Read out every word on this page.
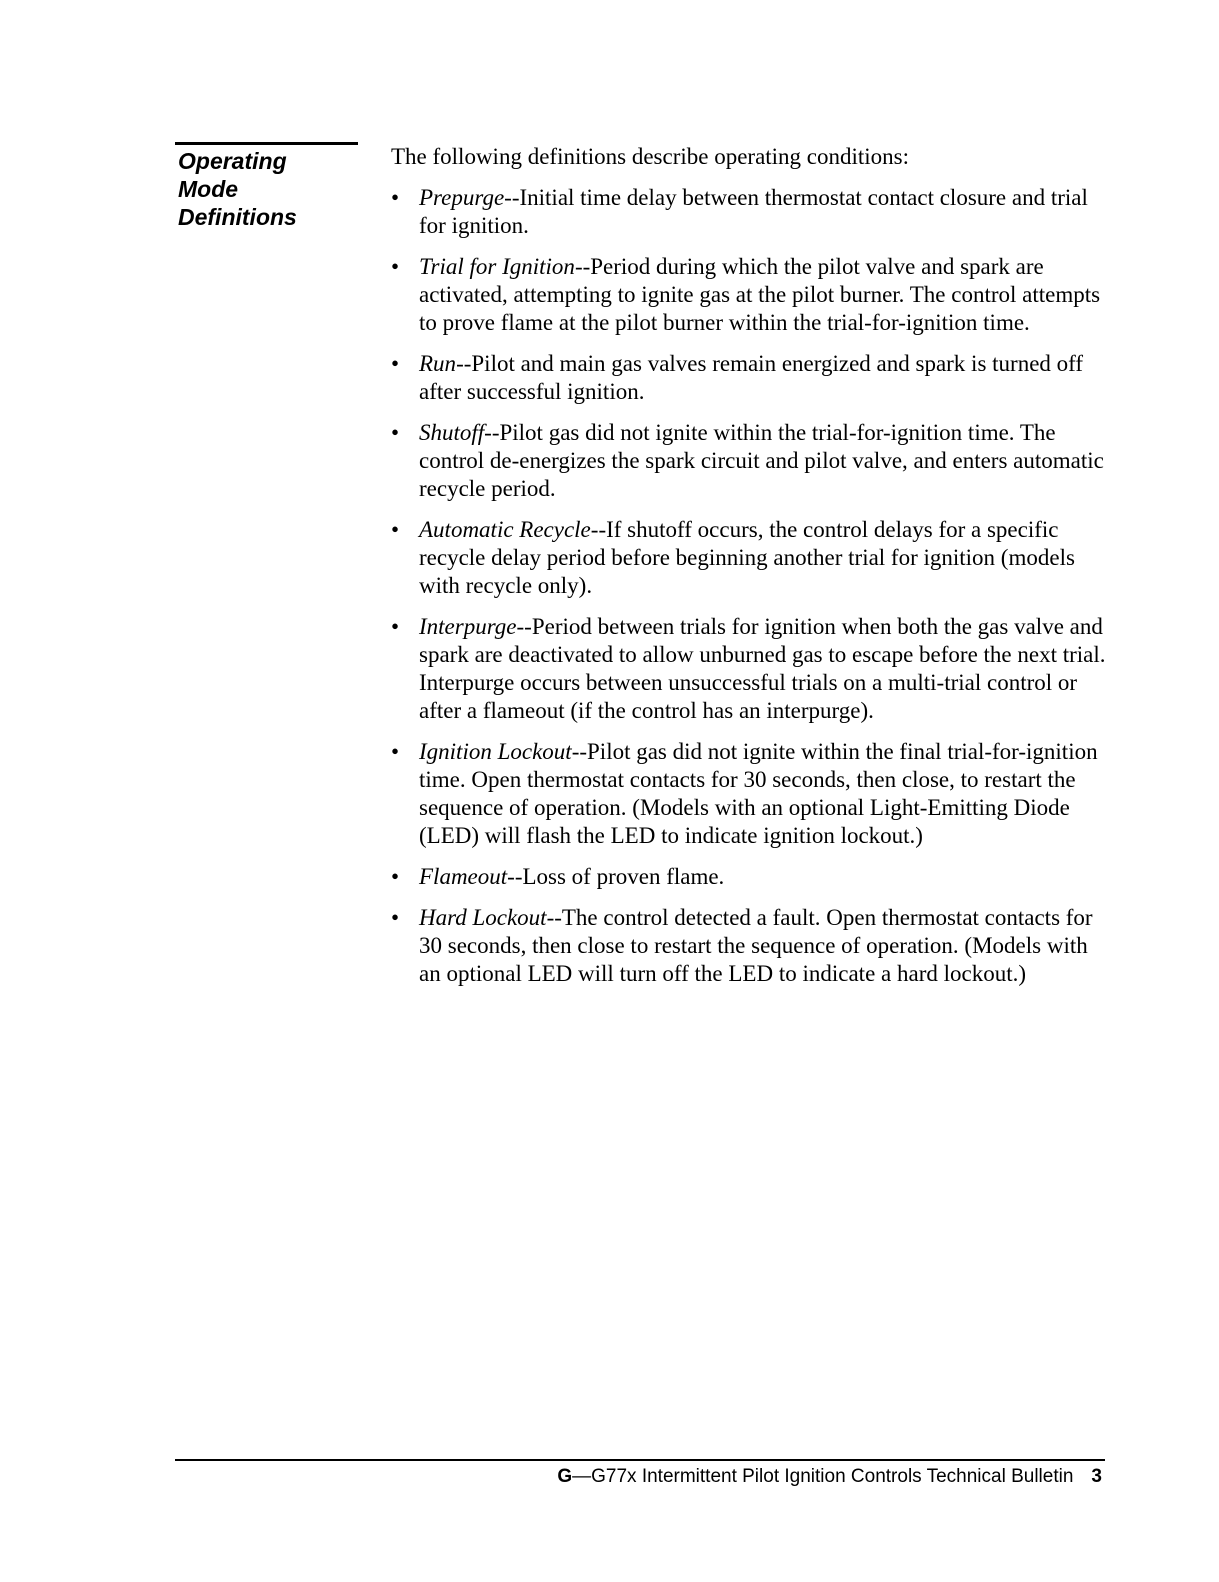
Operating
Mode
Definitions

The following definitions describe operating conditions:

• Prepurge--Initial time delay between thermostat contact closure and trial for ignition.
• Trial for Ignition--Period during which the pilot valve and spark are activated, attempting to ignite gas at the pilot burner. The control attempts to prove flame at the pilot burner within the trial-for-ignition time.
• Run--Pilot and main gas valves remain energized and spark is turned off after successful ignition.
• Shutoff--Pilot gas did not ignite within the trial-for-ignition time. The control de-energizes the spark circuit and pilot valve, and enters automatic recycle period.
• Automatic Recycle--If shutoff occurs, the control delays for a specific recycle delay period before beginning another trial for ignition (models with recycle only).
• Interpurge--Period between trials for ignition when both the gas valve and spark are deactivated to allow unburned gas to escape before the next trial. Interpurge occurs between unsuccessful trials on a multi-trial control or after a flameout (if the control has an interpurge).
• Ignition Lockout--Pilot gas did not ignite within the final trial-for-ignition time. Open thermostat contacts for 30 seconds, then close, to restart the sequence of operation. (Models with an optional Light-Emitting Diode (LED) will flash the LED to indicate ignition lockout.)
• Flameout--Loss of proven flame.
• Hard Lockout--The control detected a fault. Open thermostat contacts for 30 seconds, then close to restart the sequence of operation. (Models with an optional LED will turn off the LED to indicate a hard lockout.)
G—G77x Intermittent Pilot Ignition Controls Technical Bulletin 3
